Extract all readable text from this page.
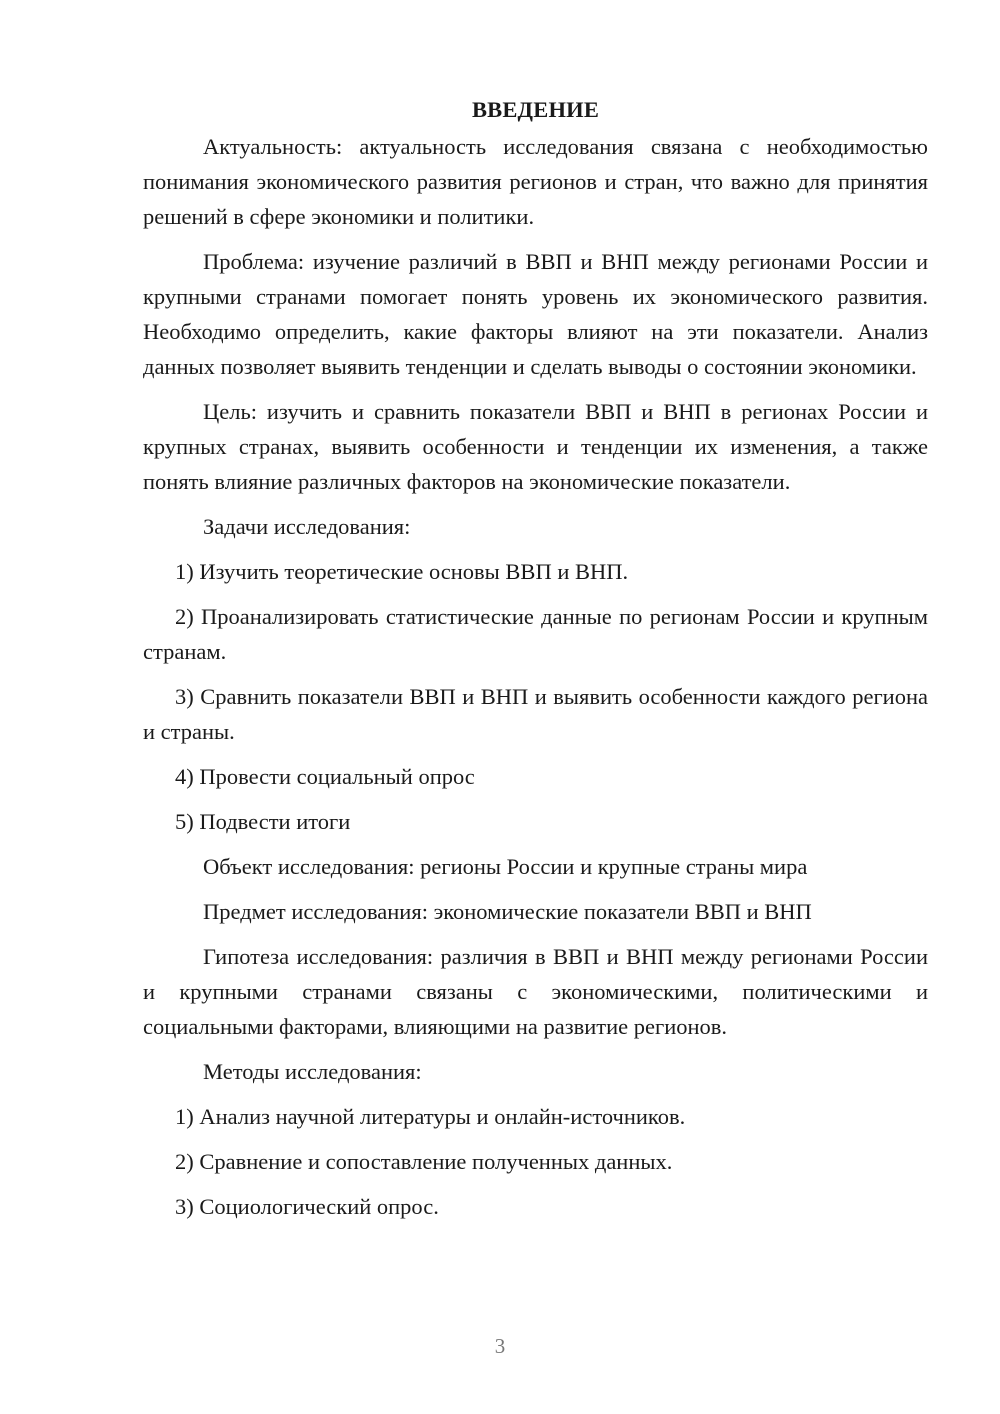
ВВЕДЕНИЕ

Актуальность: актуальность исследования связана с необходимостью понимания экономического развития регионов и стран, что важно для принятия решений в сфере экономики и политики.

Проблема: изучение различий в ВВП и ВНП между регионами России и крупными странами помогает понять уровень их экономического развития. Необходимо определить, какие факторы влияют на эти показатели. Анализ данных позволяет выявить тенденции и сделать выводы о состоянии экономики.

Цель: изучить и сравнить показатели ВВП и ВНП в регионах России и крупных странах, выявить особенности и тенденции их изменения, а также понять влияние различных факторов на экономические показатели.

Задачи исследования:

1) Изучить теоретические основы ВВП и ВНП.

2) Проанализировать статистические данные по регионам России и крупным странам.

3) Сравнить показатели ВВП и ВНП и выявить особенности каждого региона и страны.

4) Провести социальный опрос

5) Подвести итоги

Объект исследования: регионы России и крупные страны мира

Предмет исследования: экономические показатели ВВП и ВНП

Гипотеза исследования: различия в ВВП и ВНП между регионами России и крупными странами связаны с экономическими, политическими и социальными факторами, влияющими на развитие регионов.

Методы исследования:

1) Анализ научной литературы и онлайн-источников.

2) Сравнение и сопоставление полученных данных.

3) Социологический опрос.

3
